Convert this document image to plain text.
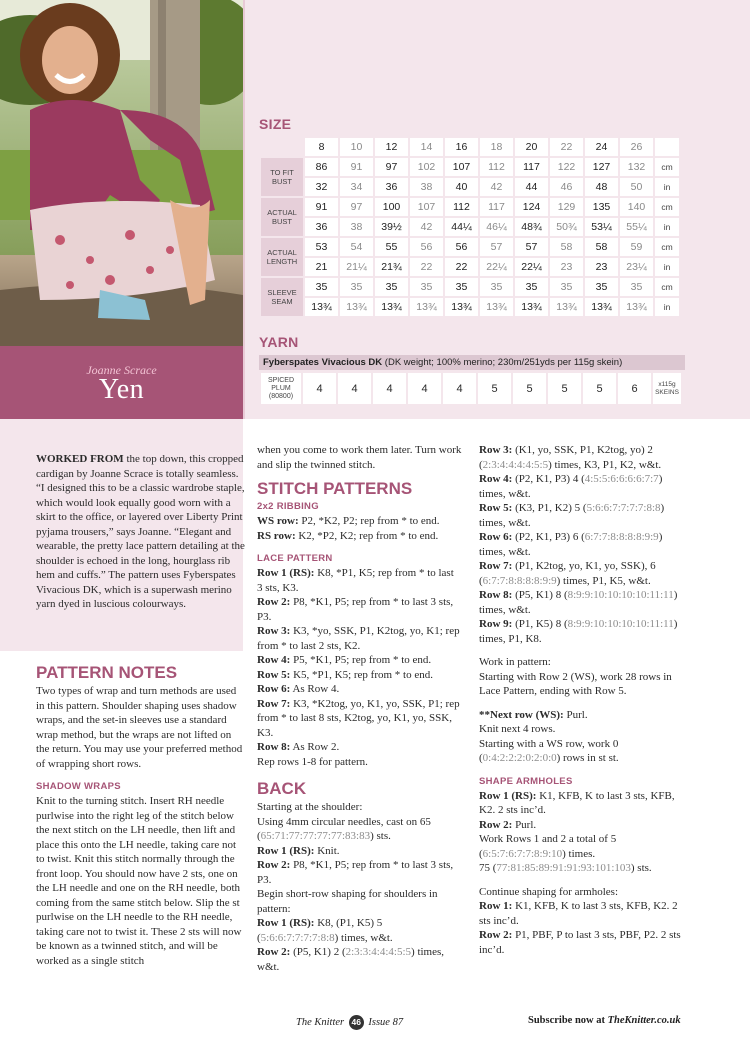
Joanne Scrace
Yen
SIZE
	8	10	12	14	16	18	20	22	24	26	
TO FIT BUST	86	91	97	102	107	112	117	122	127	132	cm
	32	34	36	38	40	42	44	46	48	50	in
ACTUAL BUST	91	97	100	107	112	117	124	129	135	140	cm
	36	38	39½	42	44¼	46¼	48¾	50¾	53¼	55¼	in
ACTUAL LENGTH	53	54	55	56	56	57	57	58	58	59	cm
	21	21¼	21¾	22	22	22¼	22¼	23	23	23¼	in
SLEEVE SEAM	35	35	35	35	35	35	35	35	35	35	cm
	13¾	13¾	13¾	13¾	13¾	13¾	13¾	13¾	13¾	13¾	in
YARN
Fyberspates Vivacious DK (DK weight; 100% merino; 230m/251yds per 115g skein)
SPICED PLUM (80800)	4	4	4	4	4	5	5	5	5	6	x115g SKEINS

WORKED FROM the top down, this cropped cardigan by Joanne Scrace is totally seamless. “I designed this to be a classic wardrobe staple, which would look equally good worn with a skirt to the office, or layered over Liberty Print pyjama trousers,” says Joanne. “Elegant and wearable, the pretty lace pattern detailing at the shoulder is echoed in the long, hourglass rib hem and cuffs.” The pattern uses Fyberspates Vivacious DK, which is a superwash merino yarn dyed in luscious colourways.

PATTERN NOTES

Two types of wrap and turn methods are used in this pattern. Shoulder shaping uses shadow wraps, and the set-in sleeves use a standard wrap method, but the wraps are not lifted on the return. You may use your preferred method of wrapping short rows.

SHADOW WRAPS

Knit to the turning stitch. Insert RH needle purlwise into the right leg of the stitch below the next stitch on the LH needle, then lift and place this onto the LH needle, taking care not to twist. Knit this stitch normally through the front loop. You should now have 2 sts, one on the LH needle and one on the RH needle, both coming from the same stitch below. Slip the st purlwise on the LH needle to the RH needle, taking care not to twist it. These 2 sts will now be known as a twinned stitch, and will be worked as a single stitch

when you come to work them later. Turn work and slip the twinned stitch.

STITCH PATTERNS
2x2 RIBBING

WS row: P2, *K2, P2; rep from * to end.

RS row: K2, *P2, K2; rep from * to end.

LACE PATTERN

Row 1 (RS): K8, *P1, K5; rep from * to last 3 sts, K3.

Row 2: P8, *K1, P5; rep from * to last 3 sts, P3.

Row 3: K3, *yo, SSK, P1, K2tog, yo, K1; rep from * to last 2 sts, K2.

Row 4: P5, *K1, P5; rep from * to end.

Row 5: K5, *P1, K5; rep from * to end.

Row 6: As Row 4.

Row 7: K3, *K2tog, yo, K1, yo, SSK, P1; rep from * to last 8 sts, K2tog, yo, K1, yo, SSK, K3.

Row 8: As Row 2.

Rep rows 1-8 for pattern.

BACK

Starting at the shoulder:

Using 4mm circular needles, cast on 65 (65:71:77:77:77:77:83:83) sts.

Row 1 (RS): Knit.

Row 2: P8, *K1, P5; rep from * to last 3 sts, P3.

Begin short-row shaping for shoulders in pattern:

Row 1 (RS): K8, (P1, K5) 5 (5:6:6:7:7:7:7:8:8) times, w&t.

Row 2: (P5, K1) 2 (2:3:3:4:4:4:5:5) times, w&t.

Row 3: (K1, yo, SSK, P1, K2tog, yo) 2 (2:3:4:4:4:4:5:5) times, K3, P1, K2, w&t.

Row 4: (P2, K1, P3) 4 (4:5:5:6:6:6:6:7:7) times, w&t.

Row 5: (K3, P1, K2) 5 (5:6:6:7:7:7:7:8:8) times, w&t.

Row 6: (P2, K1, P3) 6 (6:7:7:8:8:8:8:9:9) times, w&t.

Row 7: (P1, K2tog, yo, K1, yo, SSK), 6 (6:7:7:8:8:8:8:9:9) times, P1, K5, w&t.

Row 8: (P5, K1) 8 (8:9:9:10:10:10:10:11:11) times, w&t.

Row 9: (P1, K5) 8 (8:9:9:10:10:10:10:11:11) times, P1, K8.

Work in pattern:

Starting with Row 2 (WS), work 28 rows in Lace Pattern, ending with Row 5.

**Next row (WS): Purl.

Knit next 4 rows.

Starting with a WS row, work 0 (0:4:2:2:2:0:2:0:0) rows in st st.

SHAPE ARMHOLES

Row 1 (RS): K1, KFB, K to last 3 sts, KFB, K2. 2 sts inc’d.

Row 2: Purl.

Work Rows 1 and 2 a total of 5 (6:5:7:6:7:7:8:9:10) times.

75 (77:81:85:89:91:91:93:101:103) sts.

Continue shaping for armholes:

Row 1: K1, KFB, K to last 3 sts, KFB, K2. 2 sts inc’d.

Row 2: P1, PBF, P to last 3 sts, PBF, P2. 2 sts inc’d.

The Knitter 46 Issue 87	Subscribe now at TheKnitter.co.uk
